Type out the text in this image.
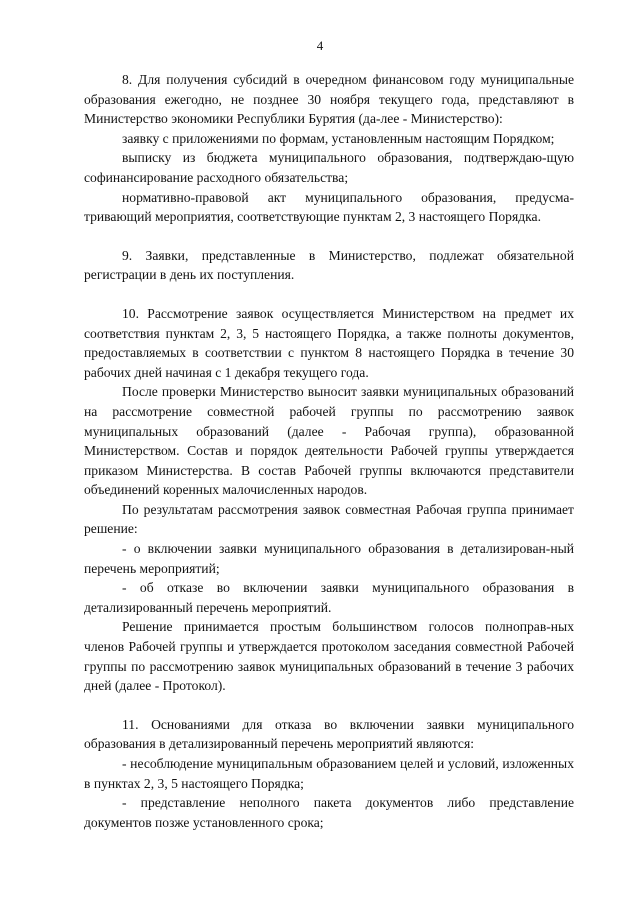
4

8. Для получения субсидий в очередном финансовом году муниципальные образования ежегодно, не позднее 30 ноября текущего года, представляют в Министерство экономики Республики Бурятия (да-лее - Министерство):

заявку с приложениями по формам, установленным настоящим Порядком;

выписку из бюджета муниципального образования, подтверждаю-щую софинансирование расходного обязательства;

нормативно-правовой акт муниципального образования, предусма-тривающий мероприятия, соответствующие пунктам 2, 3 настоящего Порядка.

9. Заявки, представленные в Министерство, подлежат обязательной регистрации в день их поступления.

10. Рассмотрение заявок осуществляется Министерством на предмет их соответствия пунктам 2, 3, 5 настоящего Порядка, а также полноты документов, предоставляемых в соответствии с пунктом 8 настоящего Порядка в течение 30 рабочих дней начиная с 1 декабря текущего года.

После проверки Министерство выносит заявки муниципальных образований на рассмотрение совместной рабочей группы по рассмотрению заявок муниципальных образований (далее - Рабочая группа), образованной Министерством. Состав и порядок деятельности Рабочей группы утверждается приказом Министерства. В состав Рабочей группы включаются представители объединений коренных малочисленных народов.

По результатам рассмотрения заявок совместная Рабочая группа принимает решение:

- о включении заявки муниципального образования в детализирован-ный перечень мероприятий;

- об отказе во включении заявки муниципального образования в детализированный перечень мероприятий.

Решение принимается простым большинством голосов полноправ-ных членов Рабочей группы и утверждается протоколом заседания совместной Рабочей группы по рассмотрению заявок муниципальных образований в течение 3 рабочих дней (далее - Протокол).

11. Основаниями для отказа во включении заявки муниципального образования в детализированный перечень мероприятий являются:

- несоблюдение муниципальным образованием целей и условий, изложенных в пунктах 2, 3, 5 настоящего Порядка;

- представление неполного пакета документов либо представление документов позже установленного срока;
